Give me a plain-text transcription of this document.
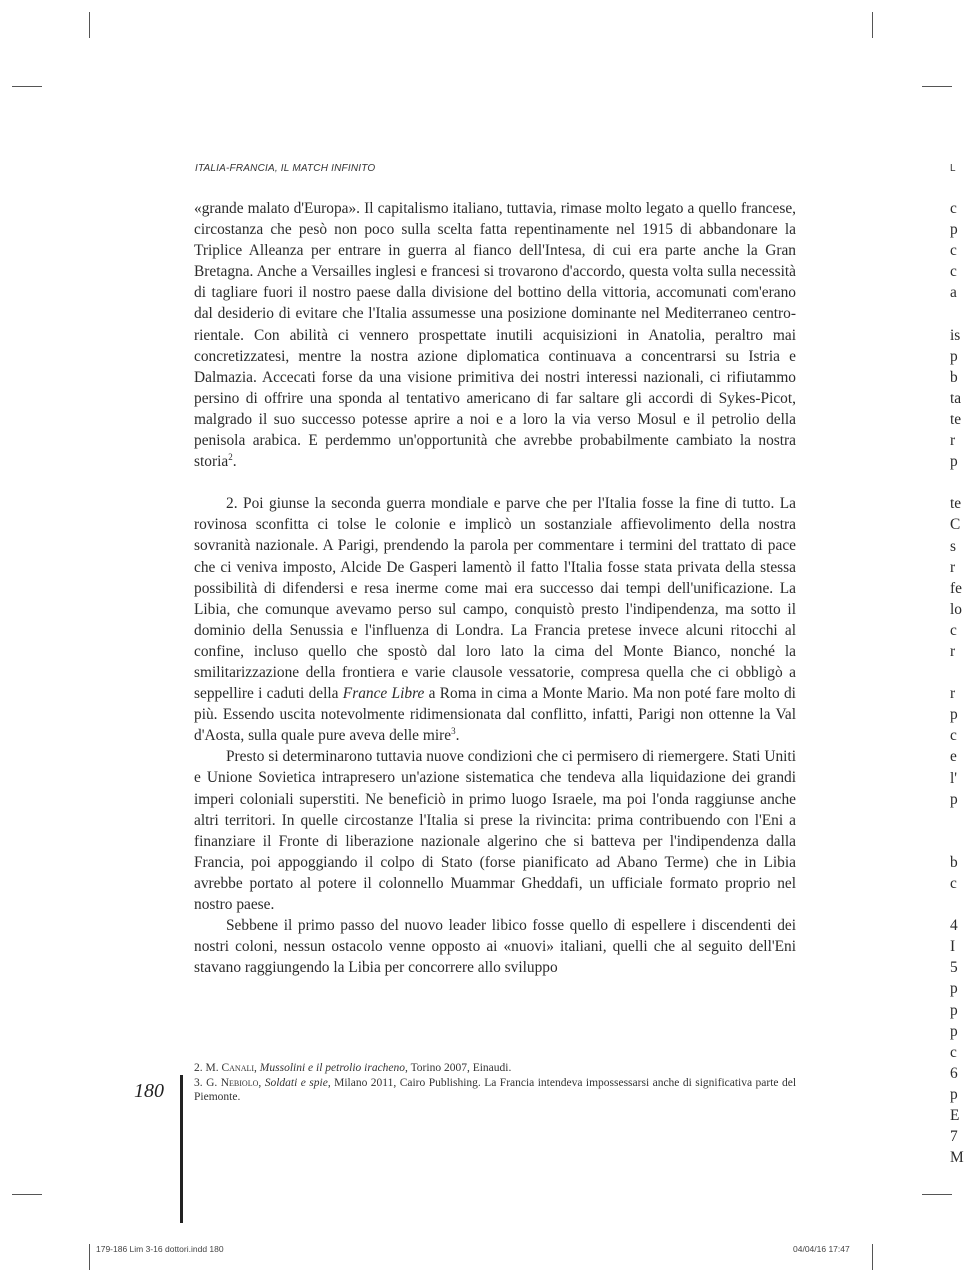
ITALIA-FRANCIA, IL MATCH INFINITO	L

«grande malato d'Europa». Il capitalismo italiano, tuttavia, rimase molto legato a quello francese, circostanza che pesò non poco sulla scelta fatta repentinamente nel 1915 di abbandonare la Triplice Alleanza per entrare in guerra al fianco dell'Intesa, di cui era parte anche la Gran Bretagna. Anche a Versailles inglesi e francesi si trovarono d'accordo, questa volta sulla necessità di tagliare fuori il nostro paese dalla divisione del bottino della vittoria, accomunati com'erano dal desiderio di evitare che l'Italia assumesse una posizione dominante nel Mediterraneo centro-rientale. Con abilità ci vennero prospettate inutili acquisizioni in Anatolia, peraltro mai concretizzatesi, mentre la nostra azione diplomatica continuava a concentrarsi su Istria e Dalmazia. Accecati forse da una visione primitiva dei nostri interessi nazionali, ci rifiutammo persino di offrire una sponda al tentativo americano di far saltare gli accordi di Sykes-Picot, malgrado il suo successo potesse aprire a noi e a loro la via verso Mosul e il petrolio della penisola arabica. E perdemmo un'opportunità che avrebbe probabilmente cambiato la nostra storia$^2$.

2. Poi giunse la seconda guerra mondiale e parve che per l'Italia fosse la fine di tutto. La rovinosa sconfitta ci tolse le colonie e implicò un sostanziale affievolimento della nostra sovranità nazionale. A Parigi, prendendo la parola per commentare i termini del trattato di pace che ci veniva imposto, Alcide De Gasperi lamentò il fatto l'Italia fosse stata privata della stessa possibilità di difendersi e resa inerme come mai era successo dai tempi dell'unificazione. La Libia, che comunque avevamo perso sul campo, conquistò presto l'indipendenza, ma sotto il dominio della Senussia e l'influenza di Londra. La Francia pretese invece alcuni ritocchi al confine, incluso quello che spostò dal loro lato la cima del Monte Bianco, nonché la smilitarizzazione della frontiera e varie clausole vessatorie, compresa quella che ci obbligò a seppellire i caduti della France Libre a Roma in cima a Monte Mario. Ma non poté fare molto di più. Essendo uscita notevolmente ridimensionata dal conflitto, infatti, Parigi non ottenne la Val d'Aosta, sulla quale pure aveva delle mire$^3$.

Presto si determinarono tuttavia nuove condizioni che ci permisero di riemergere. Stati Uniti e Unione Sovietica intrapresero un'azione sistematica che tendeva alla liquidazione dei grandi imperi coloniali superstiti. Ne beneficiò in primo luogo Israele, ma poi l'onda raggiunse anche altri territori. In quelle circostanze l'Italia si prese la rivincita: prima contribuendo con l'Eni a finanziare il Fronte di liberazione nazionale algerino che si batteva per l'indipendenza dalla Francia, poi appoggiando il colpo di Stato (forse pianificato ad Abano Terme) che in Libia avrebbe portato al potere il colonnello Muammar Gheddafi, un ufficiale formato proprio nel nostro paese.

Sebbene il primo passo del nuovo leader libico fosse quello di espellere i discendenti dei nostri coloni, nessun ostacolo venne opposto ai «nuovi» italiani, quelli che al seguito dell'Eni stavano raggiungendo la Libia per concorrere allo sviluppo

2. M. Canali, Mussolini e il petrolio iracheno, Torino 2007, Einaudi.

3. G. Nebiolo, Soldati e spie, Milano 2011, Cairo Publishing. La Francia intendeva impossessarsi anche di significativa parte del Piemonte.

180
c
p
c
c
a

is
p
b
ta
te
r
p

te
C
s
r
fe
lo
c
r

r
p
c
e
l'
p

b
c

4
I
5
p
p
p
c
6
p
E
7
M
179-186 Lim 3-16 dottori.indd 180	04/04/16 17:47
